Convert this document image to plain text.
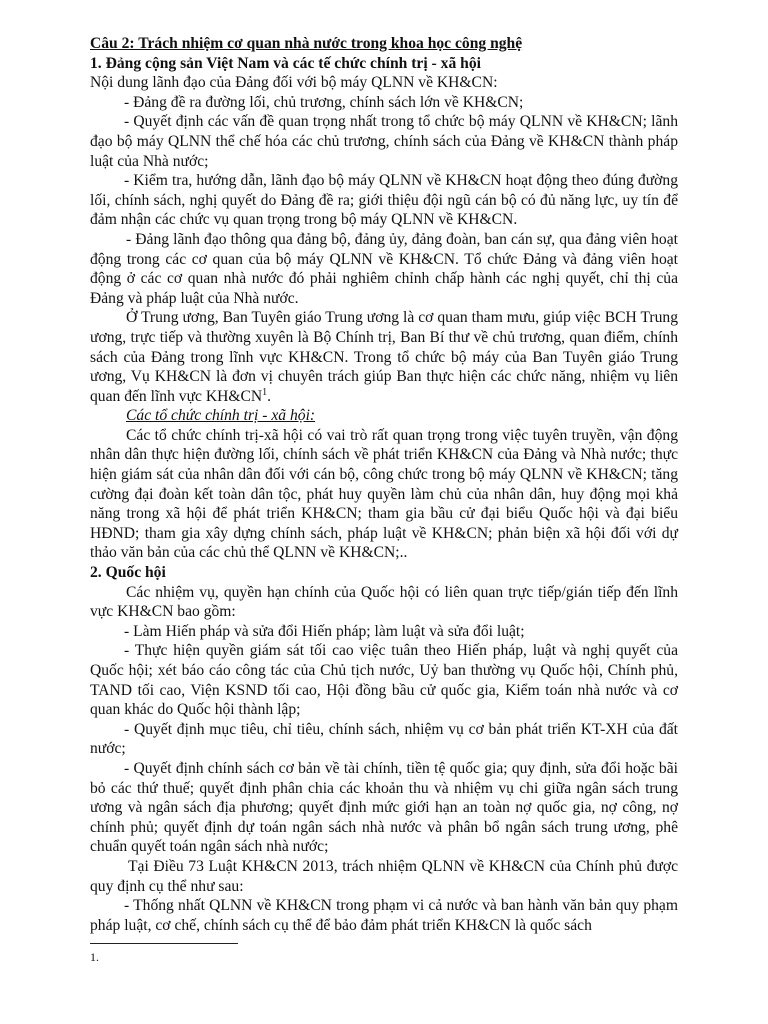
Câu 2: Trách nhiệm cơ quan nhà nước trong khoa học công nghệ

1. Đảng cộng sản Việt Nam và các tế chức chính trị - xã hội

Nội dung lãnh đạo của Đảng đối với bộ máy QLNN về KH&CN:

- Đảng đề ra đường lối, chủ trương, chính sách lớn về KH&CN;

- Quyết định các vấn đề quan trọng nhất trong tổ chức bộ máy QLNN về KH&CN; lãnh đạo bộ máy QLNN thể chế hóa các chủ trương, chính sách của Đảng về KH&CN thành pháp luật của Nhà nước;

- Kiểm tra, hướng dẫn, lãnh đạo bộ máy QLNN về KH&CN hoạt động theo đúng đường lối, chính sách, nghị quyết do Đảng đề ra; giới thiệu đội ngũ cán bộ có đủ năng lực, uy tín để đảm nhận các chức vụ quan trọng trong bộ máy QLNN về KH&CN.

- Đảng lãnh đạo thông qua đảng bộ, đảng ủy, đảng đoàn, ban cán sự, qua đảng viên hoạt động trong các cơ quan của bộ máy QLNN về KH&CN. Tổ chức Đảng và đảng viên hoạt động ở các cơ quan nhà nước đó phải nghiêm chỉnh chấp hành các nghị quyết, chỉ thị của Đảng và pháp luật của Nhà nước.

Ở Trung ương, Ban Tuyên giáo Trung ương là cơ quan tham mưu, giúp việc BCH Trung ương, trực tiếp và thường xuyên là Bộ Chính trị, Ban Bí thư về chủ trương, quan điểm, chính sách của Đảng trong lĩnh vực KH&CN. Trong tổ chức bộ máy của Ban Tuyên giáo Trung ương, Vụ KH&CN là đơn vị chuyên trách giúp Ban thực hiện các chức năng, nhiệm vụ liên quan đến lĩnh vực $KH\&CN^1$.

Các tổ chức chính trị - xã hội:

Các tổ chức chính trị-xã hội có vai trò rất quan trọng trong việc tuyên truyền, vận động nhân dân thực hiện đường lối, chính sách về phát triển KH&CN của Đảng và Nhà nước; thực hiện giám sát của nhân dân đối với cán bộ, công chức trong bộ máy QLNN về KH&CN; tăng cường đại đoàn kết toàn dân tộc, phát huy quyền làm chủ của nhân dân, huy động mọi khả năng trong xã hội để phát triển KH&CN; tham gia bầu cử đại biểu Quốc hội và đại biểu HĐND; tham gia xây dựng chính sách, pháp luật về KH&CN; phản biện xã hội đối với dự thảo văn bản của các chủ thể QLNN về KH&CN;..

2. Quốc hội

Các nhiệm vụ, quyền hạn chính của Quốc hội có liên quan trực tiếp/gián tiếp đến lĩnh vực KH&CN bao gồm:

- Làm Hiến pháp và sửa đổi Hiến pháp; làm luật và sửa đổi luật;

- Thực hiện quyền giám sát tối cao việc tuân theo Hiến pháp, luật và nghị quyết của Quốc hội; xét báo cáo công tác của Chủ tịch nước, Uỷ ban thường vụ Quốc hội, Chính phủ, TAND tối cao, Viện KSND tối cao, Hội đồng bầu cử quốc gia, Kiểm toán nhà nước và cơ quan khác do Quốc hội thành lập;

- Quyết định mục tiêu, chỉ tiêu, chính sách, nhiệm vụ cơ bản phát triển KT-XH của đất nước;

- Quyết định chính sách cơ bản về tài chính, tiền tệ quốc gia; quy định, sửa đổi hoặc bãi bỏ các thứ thuế; quyết định phân chia các khoản thu và nhiệm vụ chi giữa ngân sách trung ương và ngân sách địa phương; quyết định mức giới hạn an toàn nợ quốc gia, nợ công, nợ chính phủ; quyết định dự toán ngân sách nhà nước và phân bổ ngân sách trung ương, phê chuẩn quyết toán ngân sách nhà nước;

Tại Điều 73 Luật KH&CN 2013, trách nhiệm QLNN về KH&CN của Chính phủ được quy định cụ thể như sau:

- Thống nhất QLNN về KH&CN trong phạm vi cả nước và ban hành văn bản quy phạm pháp luật, cơ chế, chính sách cụ thể để bảo đảm phát triển KH&CN là quốc sách

1.
